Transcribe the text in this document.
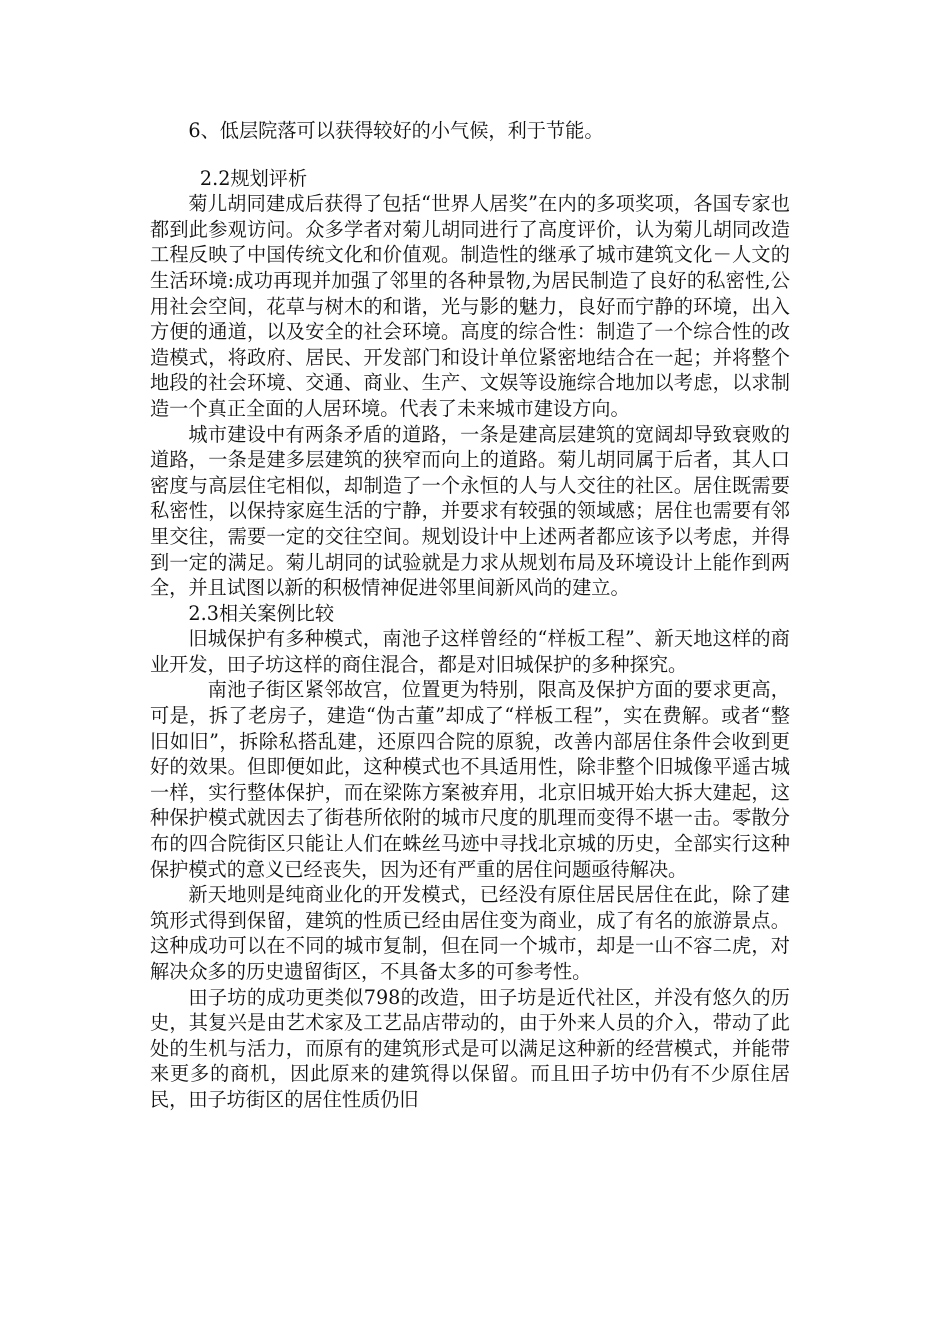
6、低层院落可以获得较好的小气候，利于节能。

2.2规划评析

菊儿胡同建成后获得了包括“世界人居奖”在内的多项奖项，各国专家也都到此参观访问。众多学者对菊儿胡同进行了高度评价，认为菊儿胡同改造工程反映了中国传统文化和价值观。制造性的继承了城市建筑文化－人文的生活环境:成功再现并加强了邻里的各种景物,为居民制造了良好的私密性,公用社会空间，花草与树木的和谐，光与影的魅力，良好而宁静的环境，出入方便的通道，以及安全的社会环境。高度的综合性：制造了一个综合性的改造模式，将政府、居民、开发部门和设计单位紧密地结合在一起；并将整个地段的社会环境、交通、商业、生产、文娱等设施综合地加以考虑，以求制造一个真正全面的人居环境。代表了未来城市建设方向。

城市建设中有两条矛盾的道路，一条是建高层建筑的宽阔却导致衰败的道路，一条是建多层建筑的狭窄而向上的道路。菊儿胡同属于后者，其人口密度与高层住宅相似，却制造了一个永恒的人与人交往的社区。居住既需要私密性，以保持家庭生活的宁静，并要求有较强的领域感；居住也需要有邻里交往，需要一定的交往空间。规划设计中上述两者都应该予以考虑，并得到一定的满足。菊儿胡同的试验就是力求从规划布局及环境设计上能作到两全，并且试图以新的积极情神促进邻里间新风尚的建立。

2.3相关案例比较

旧城保护有多种模式，南池子这样曾经的“样板工程”、新天地这样的商业开发，田子坊这样的商住混合，都是对旧城保护的多种探究。

南池子街区紧邻故宫，位置更为特别，限高及保护方面的要求更高，可是，拆了老房子，建造“伪古董”却成了“样板工程”，实在费解。或者“整旧如旧”，拆除私搭乱建，还原四合院的原貌，改善内部居住条件会收到更好的效果。但即便如此，这种模式也不具适用性，除非整个旧城像平遥古城一样，实行整体保护，而在梁陈方案被弃用，北京旧城开始大拆大建起，这种保护模式就因去了街巷所依附的城市尺度的肌理而变得不堪一击。零散分布的四合院街区只能让人们在蛛丝马迹中寻找北京城的历史，全部实行这种保护模式的意义已经丧失，因为还有严重的居住问题亟待解决。

新天地则是纯商业化的开发模式，已经没有原住居民居住在此，除了建筑形式得到保留，建筑的性质已经由居住变为商业，成了有名的旅游景点。这种成功可以在不同的城市复制，但在同一个城市，却是一山不容二虎，对解决众多的历史遗留街区，不具备太多的可参考性。

田子坊的成功更类似798的改造，田子坊是近代社区，并没有悠久的历史，其复兴是由艺术家及工艺品店带动的，由于外来人员的介入，带动了此处的生机与活力，而原有的建筑形式是可以满足这种新的经营模式，并能带来更多的商机，因此原来的建筑得以保留。而且田子坊中仍有不少原住居民，田子坊街区的居住性质仍旧
